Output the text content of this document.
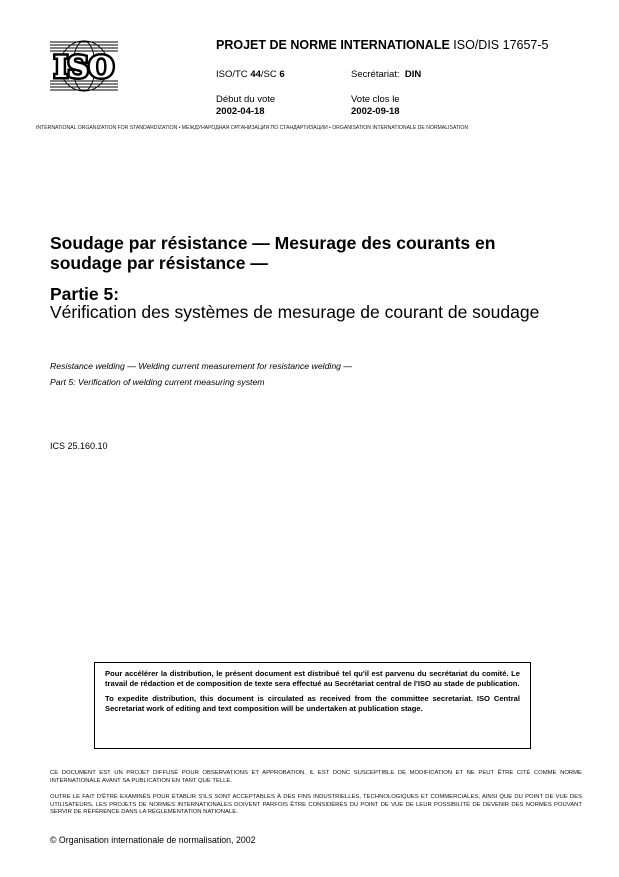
ISO
PROJET DE NORME INTERNATIONALE ISO/DIS 17657-5
ISO/TC 44/SC 6	Secrétariat: DIN
Début du vote
2002-04-18
Vote clos le
2002-09-18
INTERNATIONAL ORGANIZATION FOR STANDARDIZATION • МЕЖДУНАРОДНАЯ ОРГАНИЗАЦИЯ ПО СТАНДАРТИЗАЦИИ • ORGANISATION INTERNATIONALE DE NORMALISATION
Soudage par résistance — Mesurage des courants en
soudage par résistance —
Partie 5:
Vérification des systèmes de mesurage de courant de soudage
Resistance welding — Welding current measurement for resistance welding —
Part 5: Verification of welding current measuring system
ICS 25.160.10

Pour accélérer la distribution, le présent document est distribué tel qu'il est parvenu du secrétariat du comité. Le travail de rédaction et de composition de texte sera effectué au Secrétariat central de l'ISO au stade de publication.

To expedite distribution, this document is circulated as received from the committee secretariat. ISO Central Secretariat work of editing and text composition will be undertaken at publication stage.

CE DOCUMENT EST UN PROJET DIFFUSÉ POUR OBSERVATIONS ET APPROBATION. IL EST DONC SUSCEPTIBLE DE MODIFICATION ET NE PEUT ÊTRE CITÉ COMME NORME INTERNATIONALE AVANT SA PUBLICATION EN TANT QUE TELLE.
OUTRE LE FAIT D'ÊTRE EXAMINÉS POUR ÉTABLIR S'ILS SONT ACCEPTABLES À DES FINS INDUSTRIELLES, TECHNOLOGIQUES ET COMMERCIALES, AINSI QUE DU POINT DE VUE DES UTILISATEURS, LES PROJETS DE NORMES INTERNATIONALES DOIVENT PARFOIS ÊTRE CONSIDÉRÉS DU POINT DE VUE DE LEUR POSSIBILITÉ DE DEVENIR DES NORMES POUVANT SERVIR DE RÉFÉRENCE DANS LA RÉGLEMENTATION NATIONALE.
© Organisation internationale de normalisation, 2002
